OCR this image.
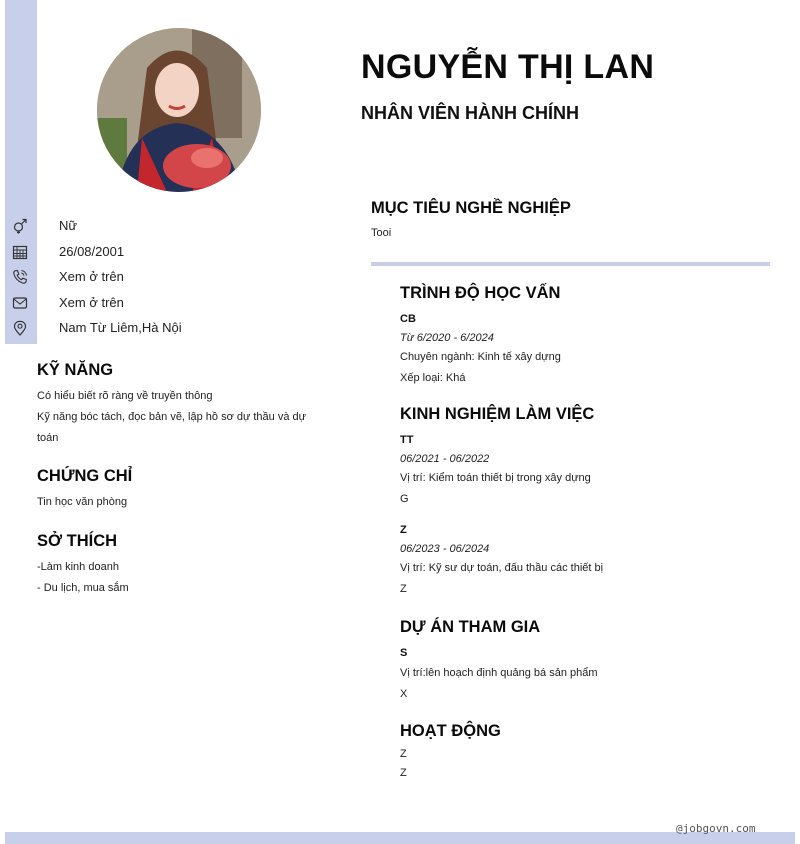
NGUYỄN THỊ LAN
NHÂN VIÊN HÀNH CHÍNH
Nữ
26/08/2001
Xem ở trên
Xem ở trên
Nam Từ Liêm,Hà Nội
KỸ NĂNG

Có hiểu biết rõ ràng về truyền thông

Kỹ năng bóc tách, đọc bản vẽ, lập hồ sơ dự thầu và dự toán

CHỨNG CHỈ

Tin học văn phòng

SỞ THÍCH

-Làm kinh doanh

- Du lịch, mua sắm

MỤC TIÊU NGHỀ NGHIỆP

Tooi

TRÌNH ĐỘ HỌC VẤN

CB

Từ 6/2020 - 6/2024

Chuyên ngành: Kinh tế xây dựng

Xếp loại: Khá

KINH NGHIỆM LÀM VIỆC

TT

06/2021 - 06/2022

Vị trí: Kiểm toán thiết bị trong xây dựng

G

Z

06/2023 - 06/2024

Vị trí: Kỹ sư dự toán, đấu thầu các thiết bị

Z

DỰ ÁN THAM GIA

S

Vị trí:lên hoạch định quảng bá sản phẩm

X

HOẠT ĐỘNG

Z

Z

@jobgovn.com
